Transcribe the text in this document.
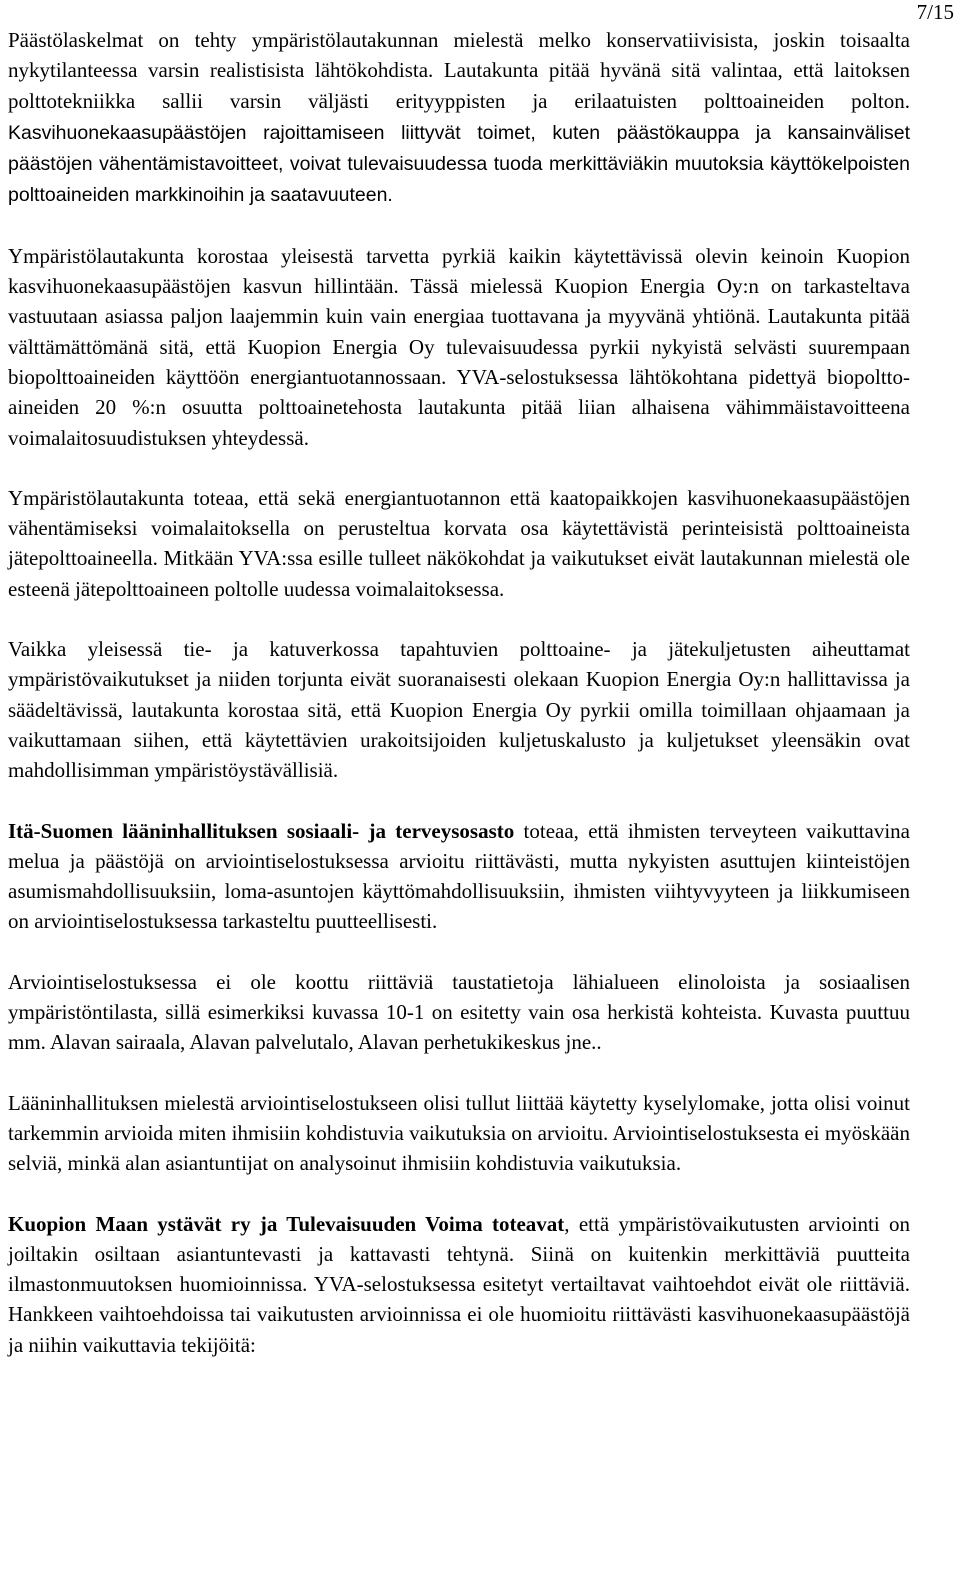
7/15

Päästölaskelmat on tehty ympäristölautakunnan mielestä melko konservatiivisista, joskin toisaalta nykytilanteessa varsin realistisista lähtökohdista. Lautakunta pitää hyvänä sitä valintaa, että laitoksen polttotekniikka sallii varsin väljästi erityyppisten ja erilaatuisten polttoaineiden polton. Kasvihuonekaasupäästöjen rajoittamiseen liittyvät toimet, kuten päästökauppa ja kansainväliset päästöjen vähentämistavoitteet, voivat tulevaisuudessa tuoda merkittäviäkin muutoksia käyttökelpoisten polttoaineiden markkinoihin ja saatavuuteen.

Ympäristölautakunta korostaa yleisestä tarvetta pyrkiä kaikin käytettävissä olevin keinoin Kuopion kasvihuonekaasupäästöjen kasvun hillintään. Tässä mielessä Kuopion Energia Oy:n on tarkasteltava vastuutaan asiassa paljon laajemmin kuin vain energiaa tuottavana ja myyvänä yhtiönä. Lautakunta pitää välttämättömänä sitä, että Kuopion Energia Oy tulevaisuudessa pyrkii nykyistä selvästi suurempaan biopolttoaineiden käyttöön energiantuotannossaan. YVA-selostuksessa lähtökohtana pidettyä biopolttoaineiden 20 %:n osuutta polttoainetehosta lautakunta pitää liian alhaisena vähimmäistavoitteena voimalaitosuudistuksen yhteydessä.

Ympäristölautakunta toteaa, että sekä energiantuotannon että kaatopaikkojen kasvihuonekaasupäästöjen vähentämiseksi voimalaitoksella on perusteltua korvata osa käytettävistä perinteisistä polttoaineista jätepolttoaineella. Mitkään YVA:ssa esille tulleet näkökohdat ja vaikutukset eivät lautakunnan mielestä ole esteenä jätepolttoaineen poltolle uudessa voimalaitoksessa.

Vaikka yleisessä tie- ja katuverkossa tapahtuvien polttoaine- ja jätekuljetusten aiheuttamat ympäristövaikutukset ja niiden torjunta eivät suoranaisesti olekaan Kuopion Energia Oy:n hallittavissa ja säädeltävissä, lautakunta korostaa sitä, että Kuopion Energia Oy pyrkii omilla toimillaan ohjaamaan ja vaikuttamaan siihen, että käytettävien urakoitsijoiden kuljetuskalusto ja kuljetukset yleensäkin ovat mahdollisimman ympäristöystävällisiä.

Itä-Suomen lääninhallituksen sosiaali- ja terveysosasto toteaa, että ihmisten terveyteen vaikuttavina melua ja päästöjä on arviointiselostuksessa arvioitu riittävästi, mutta nykyisten asuttujen kiinteistöjen asumismahdollisuuksiin, loma-asuntojen käyttömahdollisuuksiin, ihmisten viihtyvyyteen ja liikkumiseen on arviointiselostuksessa tarkasteltu puutteellisesti.

Arviointiselostuksessa ei ole koottu riittäviä taustatietoja lähialueen elinoloista ja sosiaalisen ympäristöntilasta, sillä esimerkiksi kuvassa 10-1 on esitetty vain osa herkistä kohteista. Kuvasta puuttuu mm. Alavan sairaala, Alavan palvelutalo, Alavan perhetukikeskus jne..

Lääninhallituksen mielestä arviointiselostukseen olisi tullut liittää käytetty kyselylomake, jotta olisi voinut tarkemmin arvioida miten ihmisiin kohdistuvia vaikutuksia on arvioitu. Arviointiselostuksesta ei myöskään selviä, minkä alan asiantuntijat on analysoinut ihmisiin kohdistuvia vaikutuksia.

Kuopion Maan ystävät ry ja Tulevaisuuden Voima toteavat, että ympäristövaikutusten arviointi on joiltakin osiltaan asiantuntevasti ja kattavasti tehtynä. Siinä on kuitenkin merkittäviä puutteita ilmastonmuutoksen huomioinnissa. YVA-selostuksessa esitetyt vertailtavat vaihtoehdot eivät ole riittäviä. Hankkeen vaihtoehdoissa tai vaikutusten arvioinnissa ei ole huomioitu riittävästi kasvihuonekaasupäästöjä ja niihin vaikuttavia tekijöitä:
